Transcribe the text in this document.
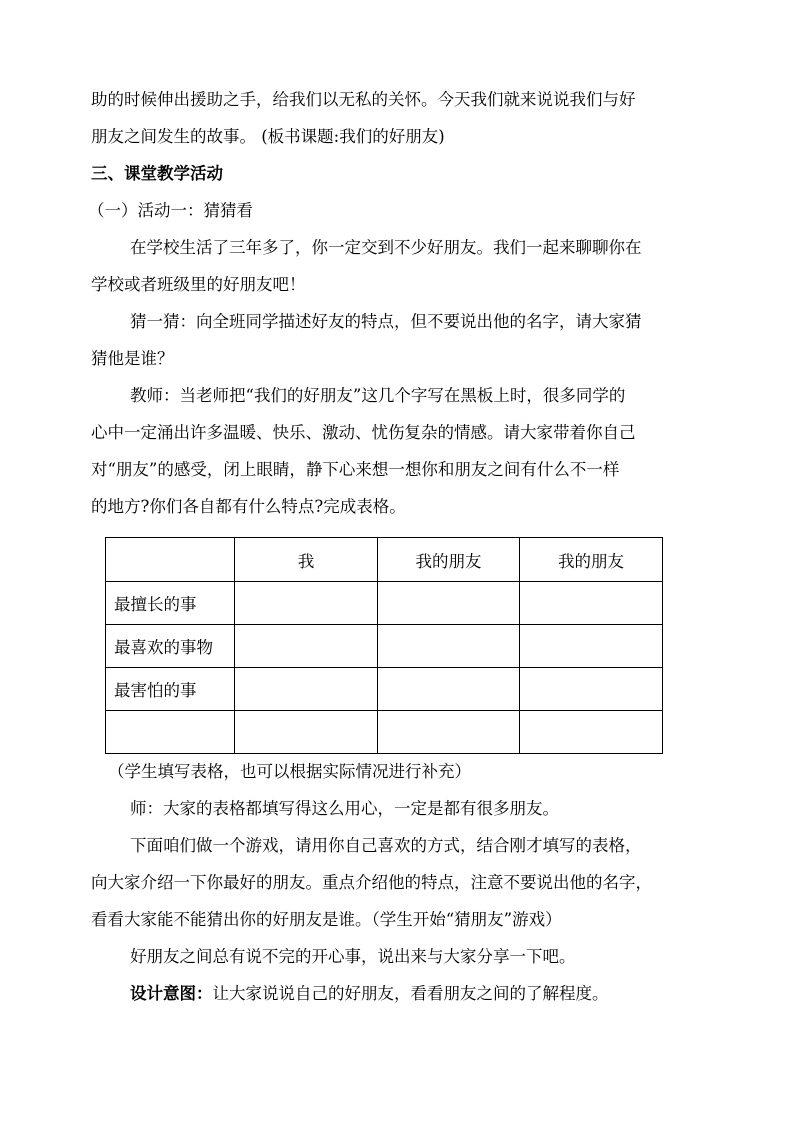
助的时候伸出援助之手，给我们以无私的关怀。今天我们就来说说我们与好
朋友之间发生的故事。 (板书课题:我们的好朋友)
三、课堂教学活动
（一）活动一：猜猜看
在学校生活了三年多了，你一定交到不少好朋友。我们一起来聊聊你在
学校或者班级里的好朋友吧！
猜一猜：向全班同学描述好友的特点，但不要说出他的名字，请大家猜
猜他是谁？
教师：当老师把“我们的好朋友”这几个字写在黑板上时，很多同学的
心中一定涌出许多温暖、快乐、激动、忧伤复杂的情感。请大家带着你自己
对“朋友”的感受，闭上眼睛，静下心来想一想你和朋友之间有什么不一样
的地方?你们各自都有什么特点?完成表格。
	我	我的朋友	我的朋友
最擅长的事			
最喜欢的事物			
最害怕的事			

（学生填写表格，也可以根据实际情况进行补充）
师：大家的表格都填写得这么用心，一定是都有很多朋友。
下面咱们做一个游戏，请用你自己喜欢的方式，结合刚才填写的表格，
向大家介绍一下你最好的朋友。重点介绍他的特点，注意不要说出他的名字，
看看大家能不能猜出你的好朋友是谁。（学生开始“猜朋友”游戏）
好朋友之间总有说不完的开心事，说出来与大家分享一下吧。
设计意图：让大家说说自己的好朋友，看看朋友之间的了解程度。
